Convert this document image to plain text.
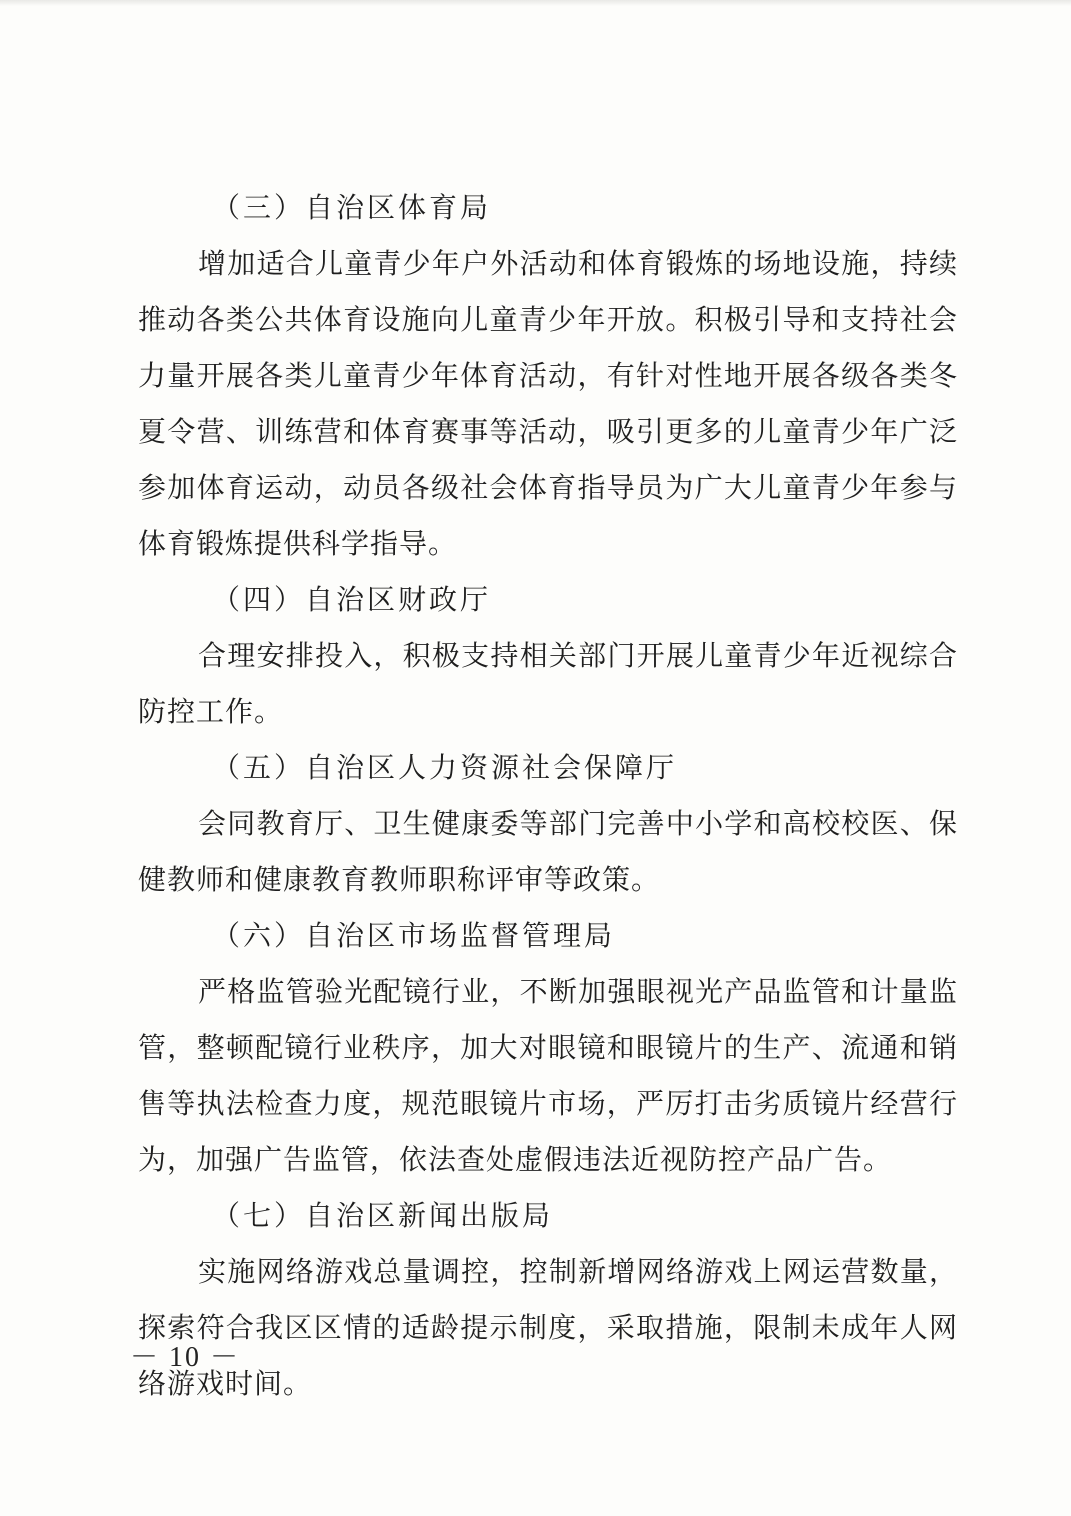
（三）自治区体育局
增加适合儿童青少年户外活动和体育锻炼的场地设施，持续
推动各类公共体育设施向儿童青少年开放。积极引导和支持社会
力量开展各类儿童青少年体育活动，有针对性地开展各级各类冬
夏令营、训练营和体育赛事等活动，吸引更多的儿童青少年广泛
参加体育运动，动员各级社会体育指导员为广大儿童青少年参与
体育锻炼提供科学指导。
（四）自治区财政厅
合理安排投入，积极支持相关部门开展儿童青少年近视综合
防控工作。
（五）自治区人力资源社会保障厅
会同教育厅、卫生健康委等部门完善中小学和高校校医、保
健教师和健康教育教师职称评审等政策。
（六）自治区市场监督管理局
严格监管验光配镜行业，不断加强眼视光产品监管和计量监
管，整顿配镜行业秩序，加大对眼镜和眼镜片的生产、流通和销
售等执法检查力度，规范眼镜片市场，严厉打击劣质镜片经营行
为，加强广告监管，依法查处虚假违法近视防控产品广告。
（七）自治区新闻出版局
实施网络游戏总量调控，控制新增网络游戏上网运营数量，
探索符合我区区情的适龄提示制度，采取措施，限制未成年人网
络游戏时间。
－ 10 －
